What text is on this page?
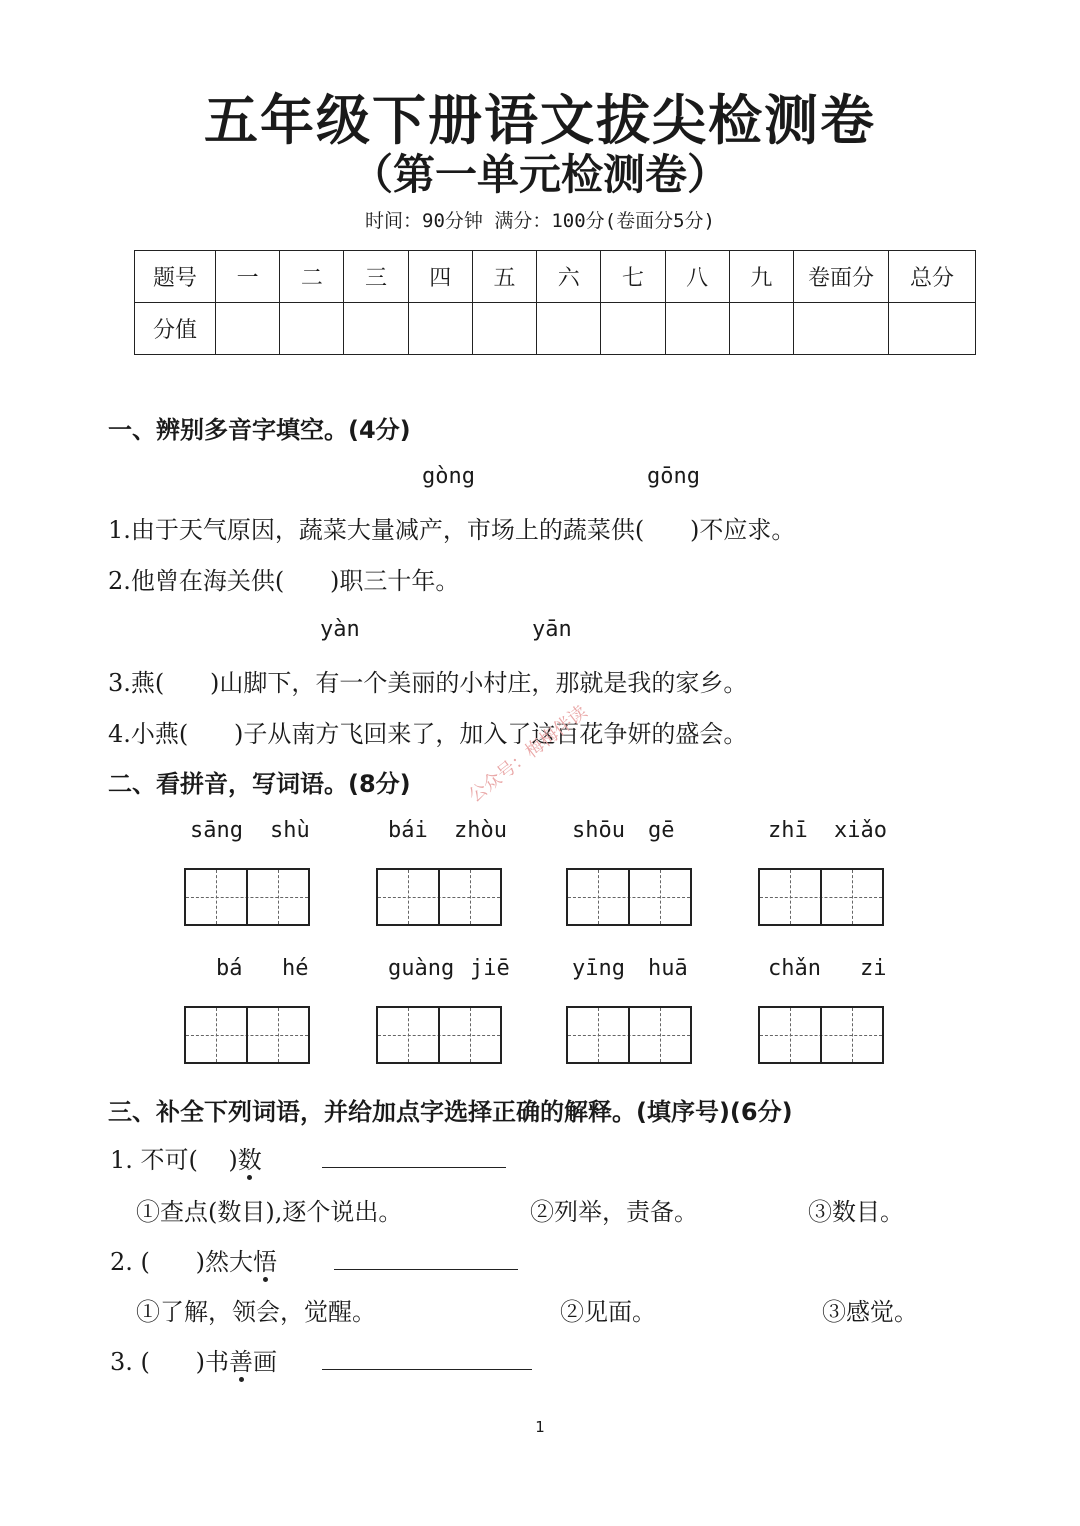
五年级下册语文拔尖检测卷
（第一单元检测卷）
时间：90分钟 满分：100分(卷面分5分)
题号	一	二	三	四	五	六	七	八	九	卷面分	总分
分值											
一、辨别多音字填空。(4分)
gòng	gōng
1.由于天气原因，蔬菜大量减产，市场上的蔬菜供(      )不应求。
2.他曾在海关供(      )职三十年。
yàn	yān
3.燕(      )山脚下，有一个美丽的小村庄，那就是我的家乡。
4.小燕(      )子从南方飞回来了，加入了这百花争妍的盛会。
公众号：梅梅伴读
二、看拼音，写词语。(8分)
sāng shù	bái zhòu	shōu gē	zhī xiǎo
bá hé	guàng jiē	yīng huā	chǎn zi
三、补全下列词语，并给加点字选择正确的解释。(填序号)(6分)
1. 不可(    )数
①查点(数目),逐个说出。	②列举，责备。	③数目。
2. (      )然大悟
①了解，领会，觉醒。	②见面。	③感觉。
3. (      )书善画
1
